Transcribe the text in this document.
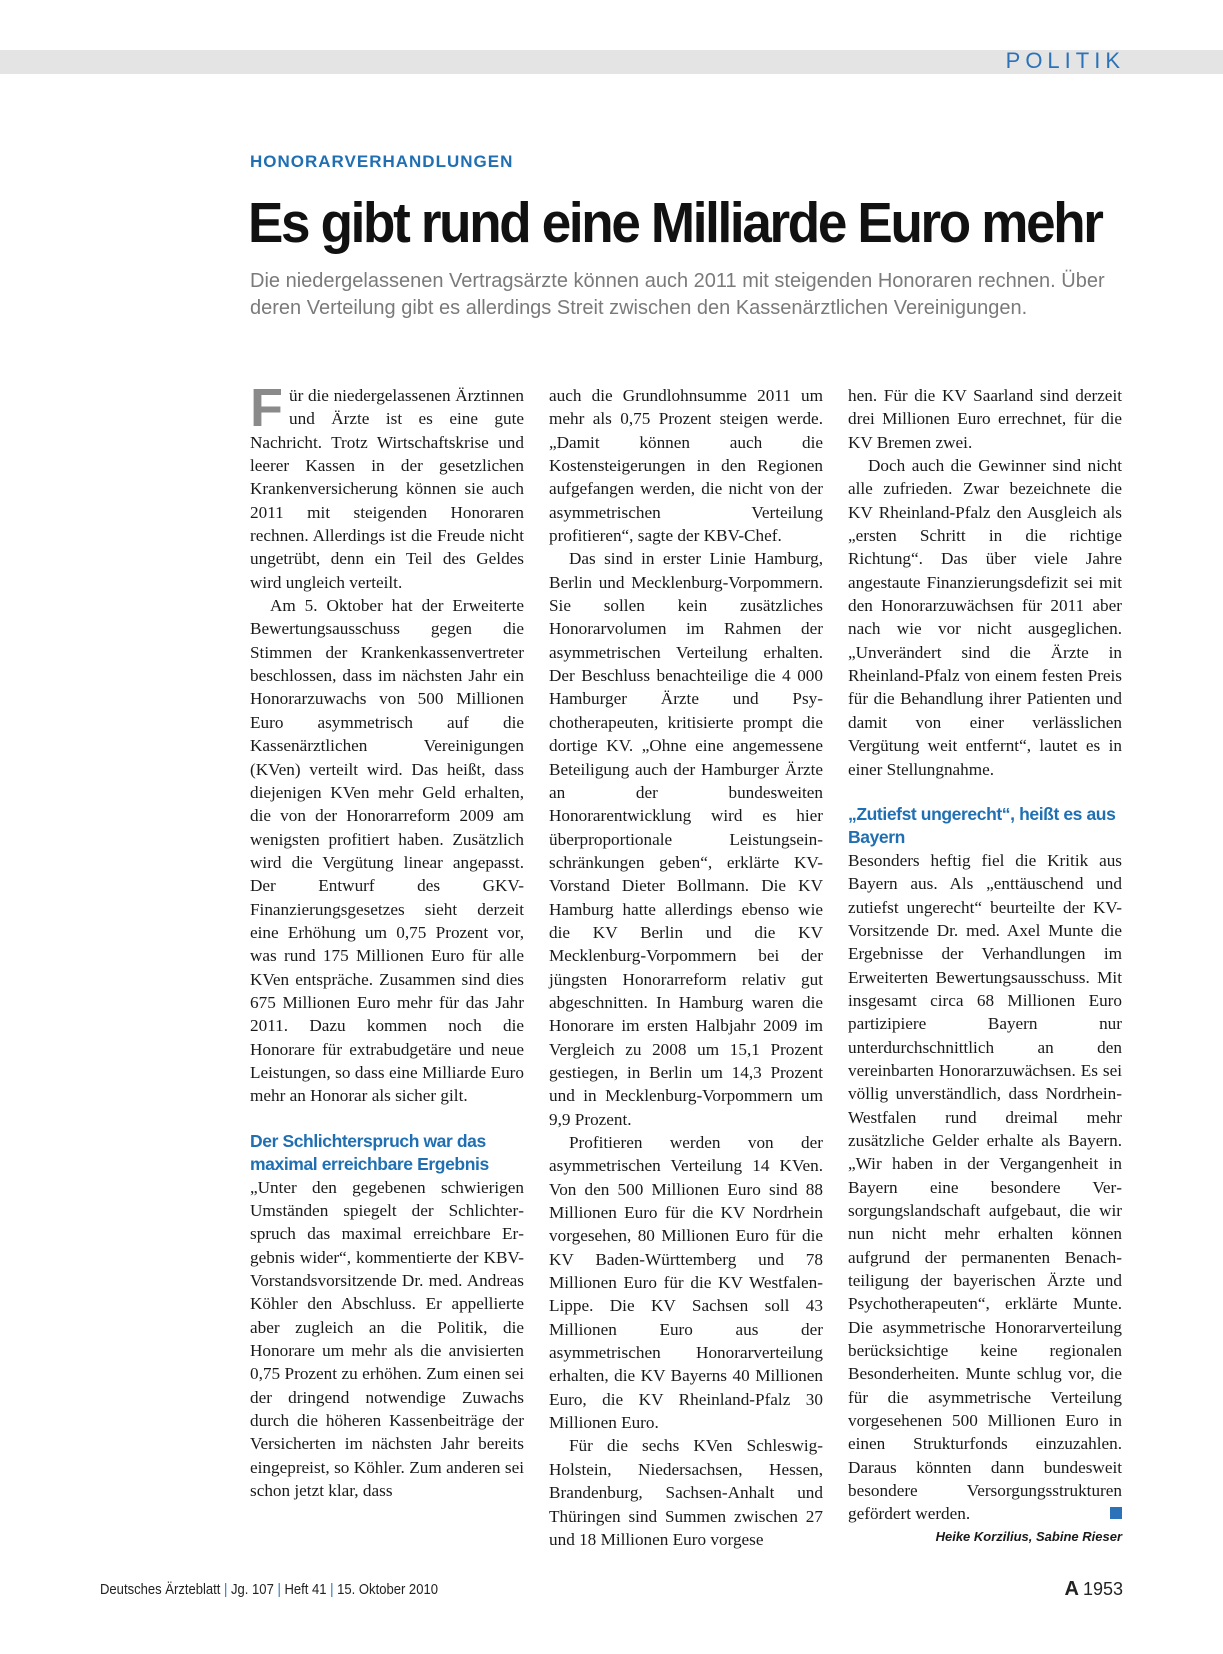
POLITIK
HONORARVERHANDLUNGEN
Es gibt rund eine Milliarde Euro mehr
Die niedergelassenen Vertragsärzte können auch 2011 mit steigenden Honoraren rechnen. Über deren Verteilung gibt es allerdings Streit zwischen den Kassenärztlichen Vereinigungen.

Für die niedergelassenen Ärztinnen und Ärzte ist es eine gute Nachricht. Trotz Wirtschaftskrise und leerer Kassen in der gesetzlichen Krankenversicherung können sie auch 2011 mit steigenden Honoraren rechnen. Allerdings ist die Freude nicht ungetrübt, denn ein Teil des Geldes wird ungleich verteilt.

Am 5. Oktober hat der Erweiterte Bewertungsausschuss gegen die Stimmen der Krankenkassenvertreter beschlossen, dass im nächsten Jahr ein Honorarzuwachs von 500 Millionen Euro asymmetrisch auf die Kassenärztlichen Vereinigungen (KVen) verteilt wird. Das heißt, dass diejenigen KVen mehr Geld erhalten, die von der Honorarreform 2009 am wenigsten profitiert haben. Zusätzlich wird die Vergütung linear angepasst. Der Entwurf des GKV-Finanzierungsgesetzes sieht derzeit eine Erhöhung um 0,75 Prozent vor, was rund 175 Millionen Euro für alle KVen entspräche. Zusammen sind dies 675 Millionen Euro mehr für das Jahr 2011. Dazu kommen noch die Honorare für extrabudgetäre und neue Leistungen, so dass eine Milliarde Euro mehr an Honorar als sicher gilt.

Der Schlichterspruch war das maximal erreichbare Ergebnis

„Unter den gegebenen schwierigen Umständen spiegelt der Schlichterspruch das maximal erreichbare Ergebnis wider“, kommentierte der KBV-Vorstandsvorsitzende Dr. med. Andreas Köhler den Abschluss. Er appellierte aber zugleich an die Politik, die Honorare um mehr als die anvisierten 0,75 Prozent zu erhöhen. Zum einen sei der dringend notwendige Zuwachs durch die höheren Kassenbeiträge der Versicherten im nächsten Jahr bereits eingepreist, so Köhler. Zum anderen sei schon jetzt klar, dass

auch die Grundlohnsumme 2011 um mehr als 0,75 Prozent steigen werde. „Damit können auch die Kostensteigerungen in den Regionen aufgefangen werden, die nicht von der asymmetrischen Verteilung profitieren“, sagte der KBV-Chef.

Das sind in erster Linie Hamburg, Berlin und Mecklenburg-Vorpommern. Sie sollen kein zusätzliches Honorarvolumen im Rahmen der asymmetrischen Verteilung erhalten. Der Beschluss benachteilige die 4 000 Hamburger Ärzte und Psychotherapeuten, kritisierte prompt die dortige KV. „Ohne eine angemessene Beteiligung auch der Hamburger Ärzte an der bundesweiten Honorarentwicklung wird es hier überproportionale Leistungseinschränkungen geben“, erklärte KV-Vorstand Dieter Bollmann. Die KV Hamburg hatte allerdings ebenso wie die KV Berlin und die KV Mecklenburg-Vorpommern bei der jüngsten Honorarreform relativ gut abgeschnitten. In Hamburg waren die Honorare im ersten Halbjahr 2009 im Vergleich zu 2008 um 15,1 Prozent gestiegen, in Berlin um 14,3 Prozent und in Mecklenburg-Vorpommern um 9,9 Prozent.

Profitieren werden von der asymmetrischen Verteilung 14 KVen. Von den 500 Millionen Euro sind 88 Millionen Euro für die KV Nordrhein vorgesehen, 80 Millionen Euro für die KV Baden-Württemberg und 78 Millionen Euro für die KV Westfalen-Lippe. Die KV Sachsen soll 43 Millionen Euro aus der asymmetrischen Honorarverteilung erhalten, die KV Bayerns 40 Millionen Euro, die KV Rheinland-Pfalz 30 Millionen Euro.

Für die sechs KVen Schleswig-Holstein, Niedersachsen, Hessen, Brandenburg, Sachsen-Anhalt und Thüringen sind Summen zwischen 27 und 18 Millionen Euro vorgese

hen. Für die KV Saarland sind derzeit drei Millionen Euro errechnet, für die KV Bremen zwei.

Doch auch die Gewinner sind nicht alle zufrieden. Zwar bezeichnete die KV Rheinland-Pfalz den Ausgleich als „ersten Schritt in die richtige Richtung“. Das über viele Jahre angestaute Finanzierungsdefizit sei mit den Honorarzuwächsen für 2011 aber nach wie vor nicht ausgeglichen. „Unverändert sind die Ärzte in Rheinland-Pfalz von einem festen Preis für die Behandlung ihrer Patienten und damit von einer verlässlichen Vergütung weit entfernt“, lautet es in einer Stellungnahme.

„Zutiefst ungerecht“, heißt es aus Bayern

Besonders heftig fiel die Kritik aus Bayern aus. Als „enttäuschend und zutiefst ungerecht“ beurteilte der KV-Vorsitzende Dr. med. Axel Munte die Ergebnisse der Verhandlungen im Erweiterten Bewertungsausschuss. Mit insgesamt circa 68 Millionen Euro partizipiere Bayern nur unterdurchschnittlich an den vereinbarten Honorarzuwächsen. Es sei völlig unverständlich, dass Nordrhein-Westfalen rund dreimal mehr zusätzliche Gelder erhalte als Bayern. „Wir haben in der Vergangenheit in Bayern eine besondere Versorgungslandschaft aufgebaut, die wir nun nicht mehr erhalten können aufgrund der permanenten Benachteiligung der bayerischen Ärzte und Psychotherapeuten“, erklärte Munte. Die asymmetrische Honorarverteilung berücksichtige keine regionalen Besonderheiten. Munte schlug vor, die für die asymmetrische Verteilung vorgesehenen 500 Millionen Euro in einen Strukturfonds einzuzahlen. Daraus könnten dann bundesweit besondere Versorgungsstrukturen gefördert werden.

Heike Korzilius, Sabine Rieser
Deutsches Ärzteblatt | Jg. 107 | Heft 41 | 15. Oktober 2010	A 1953
